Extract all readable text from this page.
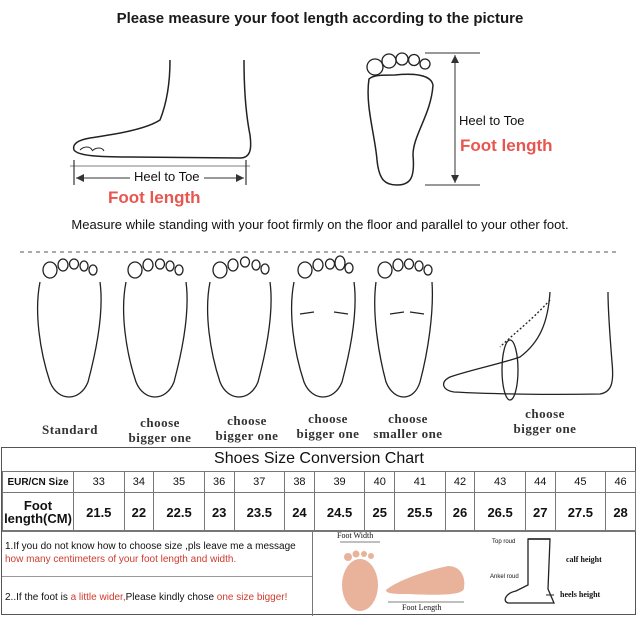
Please measure your foot length according to the picture
Heel to Toe
Foot length
Heel to Toe
Foot length
Measure while standing with your foot firmly on the floor and parallel to your other foot.
Standard	choose bigger one
choose bigger one
choose bigger one
choose smaller one
choose bigger one
Shoes Size Conversion Chart
EUR/CN Size	33	34	35	36	37	38	39	40	41	42	43	44	45	46
Foot length(CM)	21.5	22	22.5	23	23.5	24	24.5	25	25.5	26	26.5	27	27.5	28
1.If you do not know how to choose size ,pls leave me a message
how many centimeters of your foot length and width.
2..If the foot is a little wider,Please kindly chose one size bigger!
Foot Width
Foot Length
Top roud
Ankel roud
calf height
heels height
